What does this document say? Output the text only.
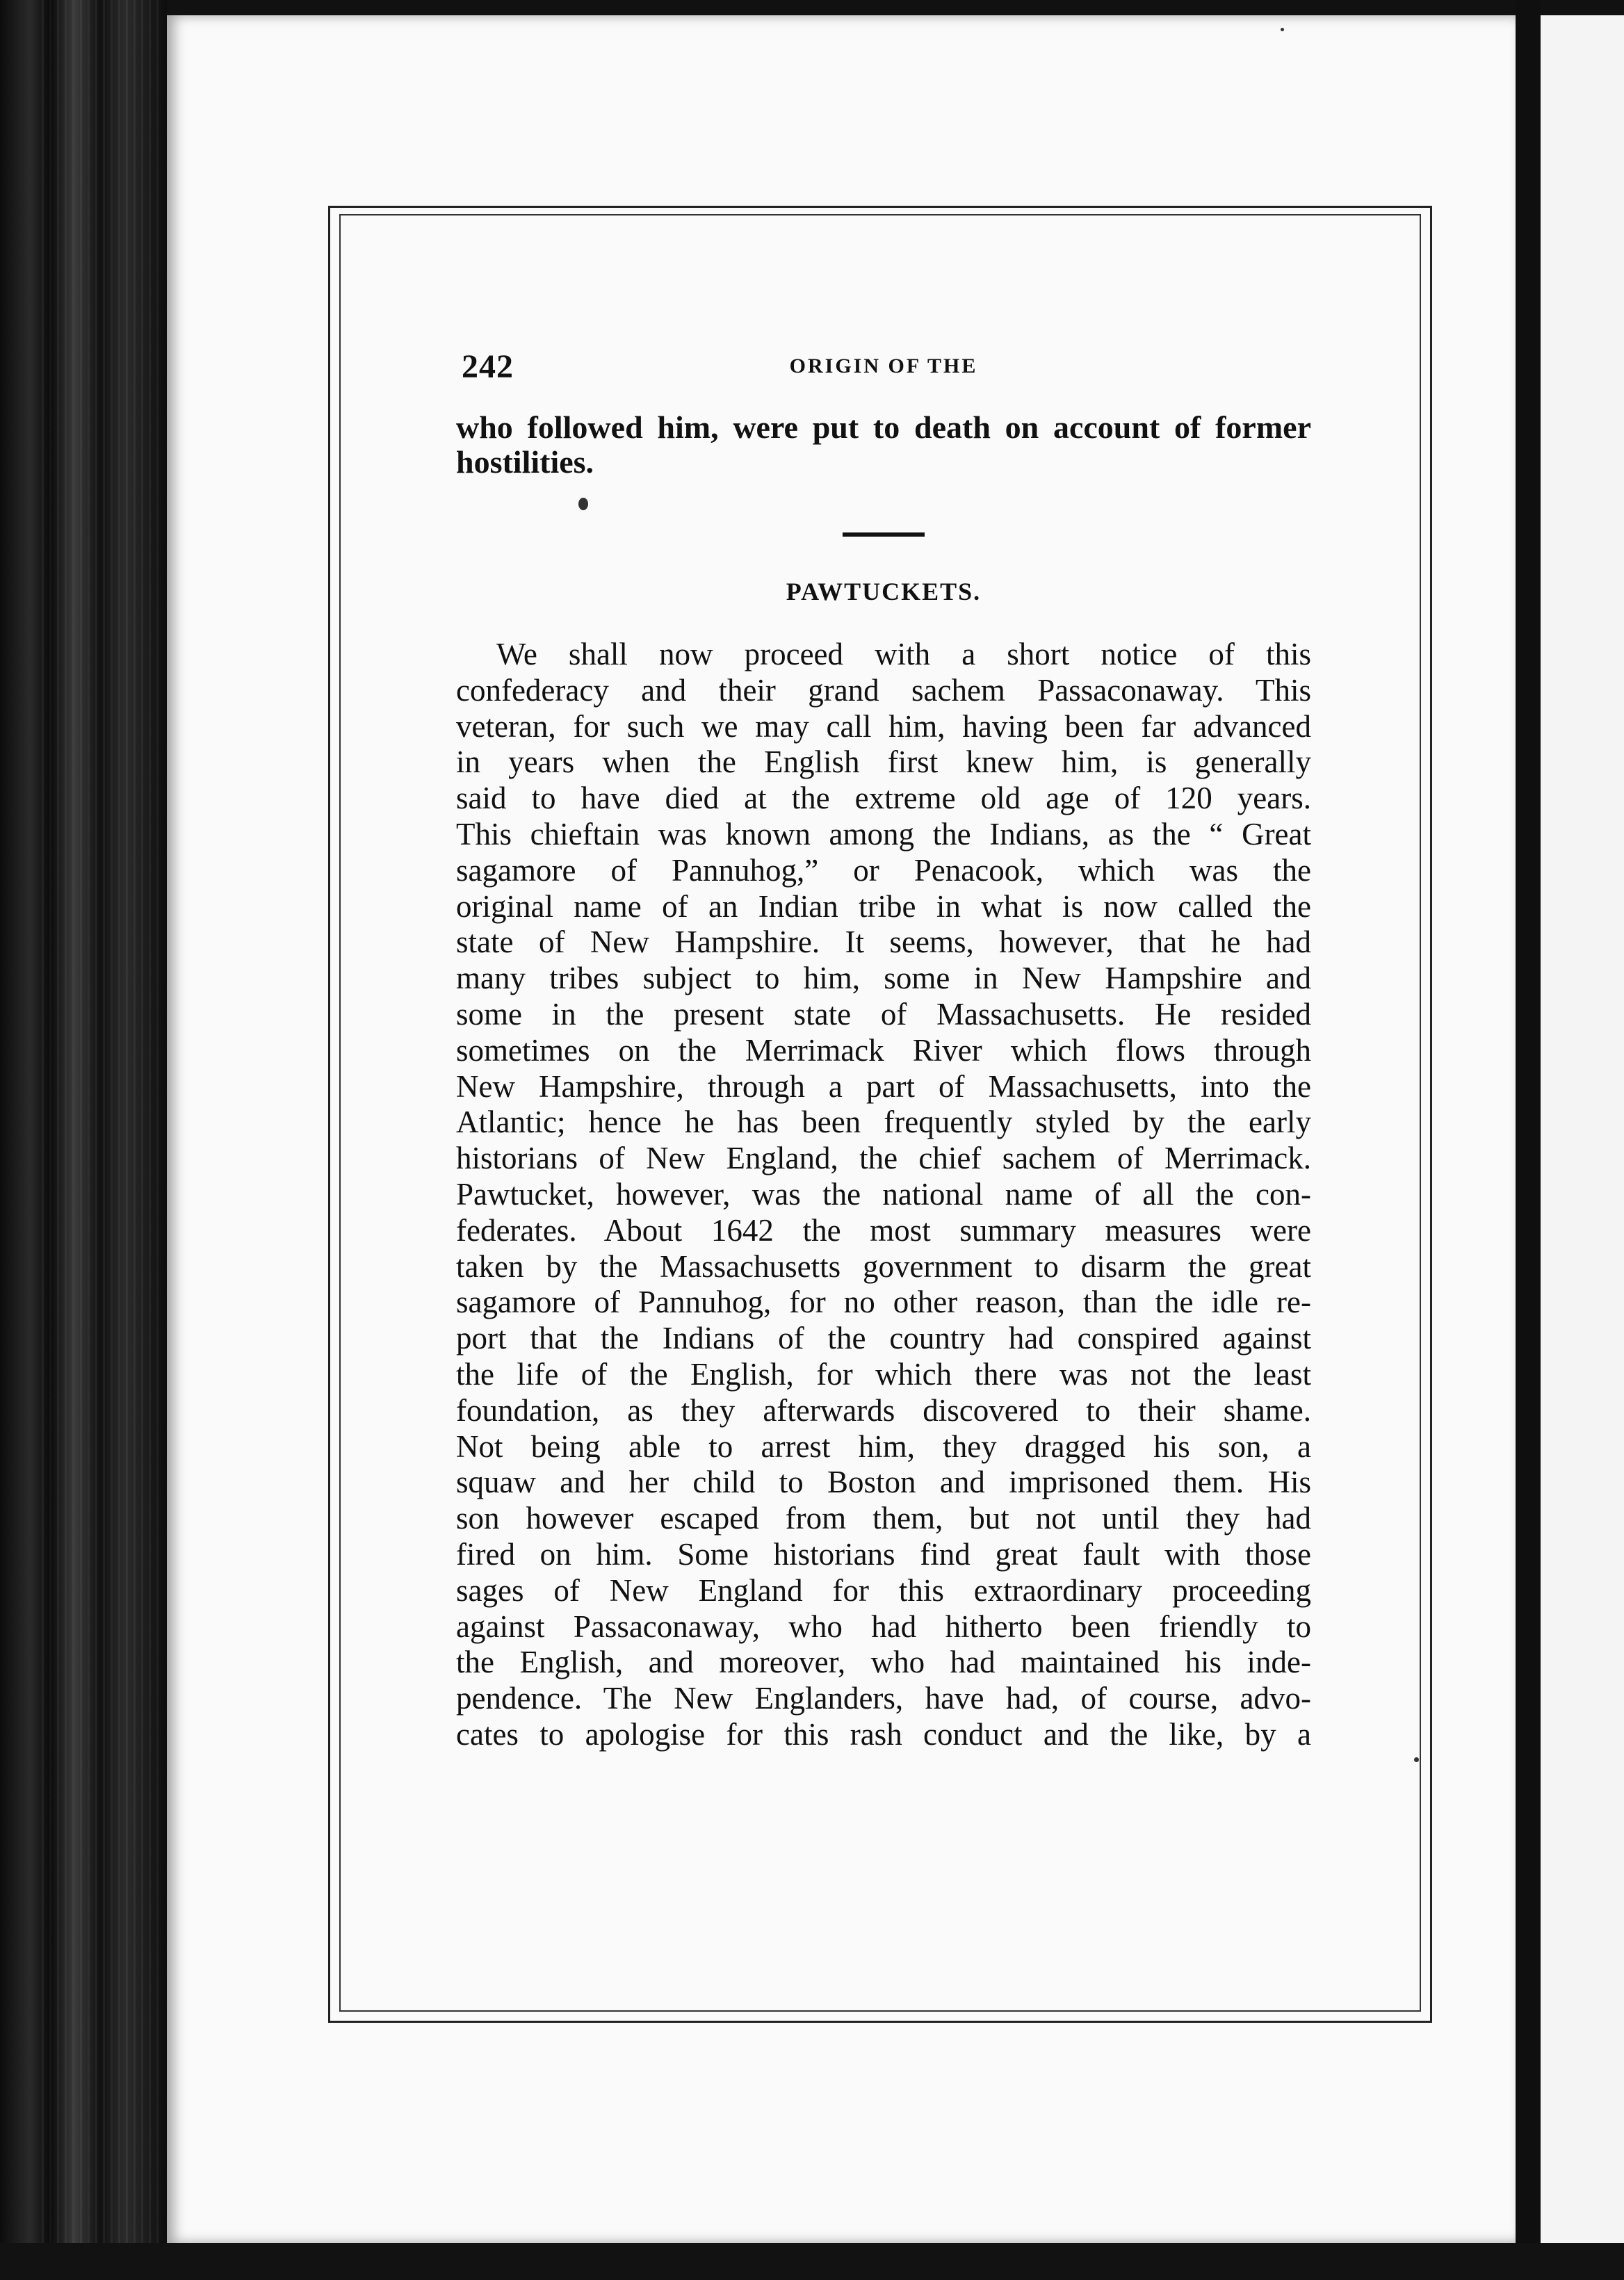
242	ORIGIN OF THE
who followed him, were put to death on account of former hostilities.
PAWTUCKETS.
We shall now proceed with a short notice of this
confederacy and their grand sachem Passaconaway. This
veteran, for such we may call him, having been far advanced
in years when the English first knew him, is generally
said to have died at the extreme old age of 120 years.
This chieftain was known among the Indians, as the “ Great
sagamore of Pannuhog,” or Penacook, which was the
original name of an Indian tribe in what is now called the
state of New Hampshire. It seems, however, that he had
many tribes subject to him, some in New Hampshire and
some in the present state of Massachusetts. He resided
sometimes on the Merrimack River which flows through
New Hampshire, through a part of Massachusetts, into the
Atlantic; hence he has been frequently styled by the early
historians of New England, the chief sachem of Merrimack.
Pawtucket, however, was the national name of all the con-
federates. About 1642 the most summary measures were
taken by the Massachusetts government to disarm the great
sagamore of Pannuhog, for no other reason, than the idle re-
port that the Indians of the country had conspired against
the life of the English, for which there was not the least
foundation, as they afterwards discovered to their shame.
Not being able to arrest him, they dragged his son, a
squaw and her child to Boston and imprisoned them. His
son however escaped from them, but not until they had
fired on him. Some historians find great fault with those
sages of New England for this extraordinary proceeding
against Passaconaway, who had hitherto been friendly to
the English, and moreover, who had maintained his inde-
pendence. The New Englanders, have had, of course, advo-
cates to apologise for this rash conduct and the like, by a
